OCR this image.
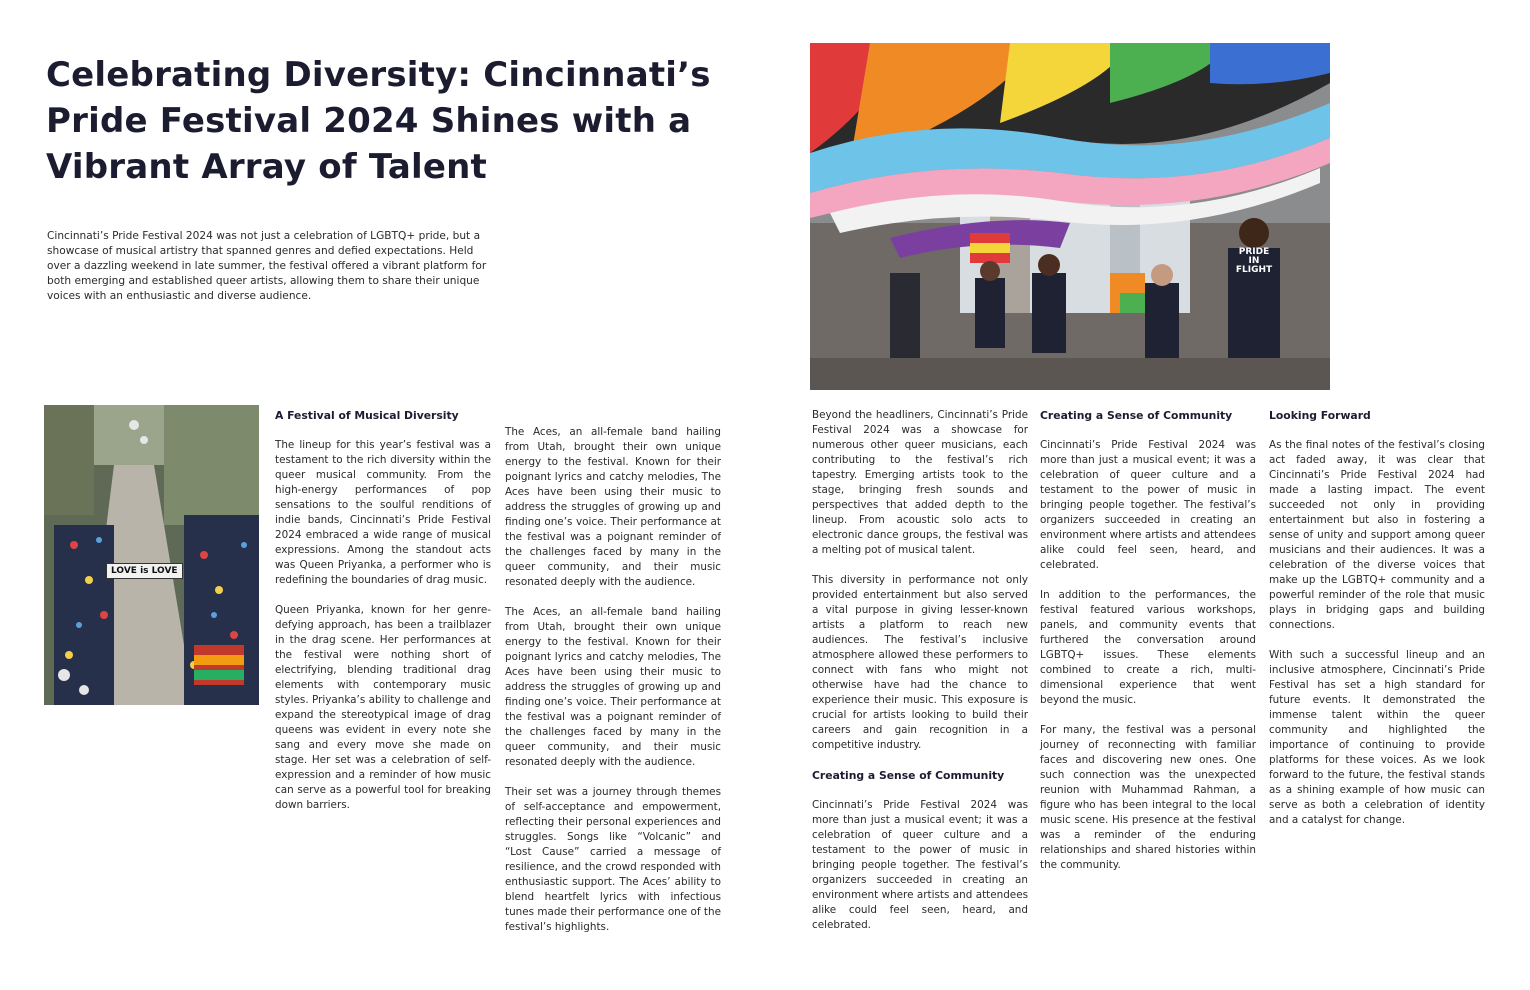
Celebrating Diversity: Cincinnati’s Pride Festival 2024 Shines with a Vibrant Array of Talent

Cincinnati’s Pride Festival 2024 was not just a celebration of LGBTQ+ pride, but a showcase of musical artistry that spanned genres and defied expectations. Held over a dazzling weekend in late summer, the festival offered a vibrant platform for both emerging and established queer artists, allowing them to share their unique voices with an enthusiastic and diverse audience.

PRIDE IN FLIGHT
LOVE is LOVE
A Festival of Musical Diversity

The lineup for this year’s festival was a testament to the rich diversity within the queer musical community. From the high-energy performances of pop sensations to the soulful renditions of indie bands, Cincinnati’s Pride Festival 2024 embraced a wide range of musical expressions. Among the standout acts was Queen Priyanka, a performer who is redefining the boundaries of drag music.

Queen Priyanka, known for her genre-defying approach, has been a trailblazer in the drag scene. Her performances at the festival were nothing short of electrifying, blending traditional drag elements with contemporary music styles. Priyanka’s ability to challenge and expand the stereotypical image of drag queens was evident in every note she sang and every move she made on stage. Her set was a celebration of self-expression and a reminder of how music can serve as a powerful tool for breaking down barriers.

The Aces, an all-female band hailing from Utah, brought their own unique energy to the festival. Known for their poignant lyrics and catchy melodies, The Aces have been using their music to address the struggles of growing up and finding one’s voice. Their performance at the festival was a poignant reminder of the challenges faced by many in the queer community, and their music resonated deeply with the audience.

The Aces, an all-female band hailing from Utah, brought their own unique energy to the festival. Known for their poignant lyrics and catchy melodies, The Aces have been using their music to address the struggles of growing up and finding one’s voice. Their performance at the festival was a poignant reminder of the challenges faced by many in the queer community, and their music resonated deeply with the audience.

Their set was a journey through themes of self-acceptance and empowerment, reflecting their personal experiences and struggles. Songs like “Volcanic” and “Lost Cause” carried a message of resilience, and the crowd responded with enthusiastic support. The Aces’ ability to blend heartfelt lyrics with infectious tunes made their performance one of the festival’s highlights.

Beyond the headliners, Cincinnati’s Pride Festival 2024 was a showcase for numerous other queer musicians, each contributing to the festival’s rich tapestry. Emerging artists took to the stage, bringing fresh sounds and perspectives that added depth to the lineup. From acoustic solo acts to electronic dance groups, the festival was a melting pot of musical talent.

This diversity in performance not only provided entertainment but also served a vital purpose in giving lesser-known artists a platform to reach new audiences. The festival’s inclusive atmosphere allowed these performers to connect with fans who might not otherwise have had the chance to experience their music. This exposure is crucial for artists looking to build their careers and gain recognition in a competitive industry.

Creating a Sense of Community

Cincinnati’s Pride Festival 2024 was more than just a musical event; it was a celebration of queer culture and a testament to the power of music in bringing people together. The festival’s organizers succeeded in creating an environment where artists and attendees alike could feel seen, heard, and celebrated.

Creating a Sense of Community

Cincinnati’s Pride Festival 2024 was more than just a musical event; it was a celebration of queer culture and a testament to the power of music in bringing people together. The festival’s organizers succeeded in creating an environment where artists and attendees alike could feel seen, heard, and celebrated.

In addition to the performances, the festival featured various workshops, panels, and community events that furthered the conversation around LGBTQ+ issues. These elements combined to create a rich, multi-dimensional experience that went beyond the music.

For many, the festival was a personal journey of reconnecting with familiar faces and discovering new ones. One such connection was the unexpected reunion with Muhammad Rahman, a figure who has been integral to the local music scene. His presence at the festival was a reminder of the enduring relationships and shared histories within the community.

Looking Forward

As the final notes of the festival’s closing act faded away, it was clear that Cincinnati’s Pride Festival 2024 had made a lasting impact. The event succeeded not only in providing entertainment but also in fostering a sense of unity and support among queer musicians and their audiences. It was a celebration of the diverse voices that make up the LGBTQ+ community and a powerful reminder of the role that music plays in bridging gaps and building connections.

With such a successful lineup and an inclusive atmosphere, Cincinnati’s Pride Festival has set a high standard for future events. It demonstrated the immense talent within the queer community and highlighted the importance of continuing to provide platforms for these voices. As we look forward to the future, the festival stands as a shining example of how music can serve as both a celebration of identity and a catalyst for change.
